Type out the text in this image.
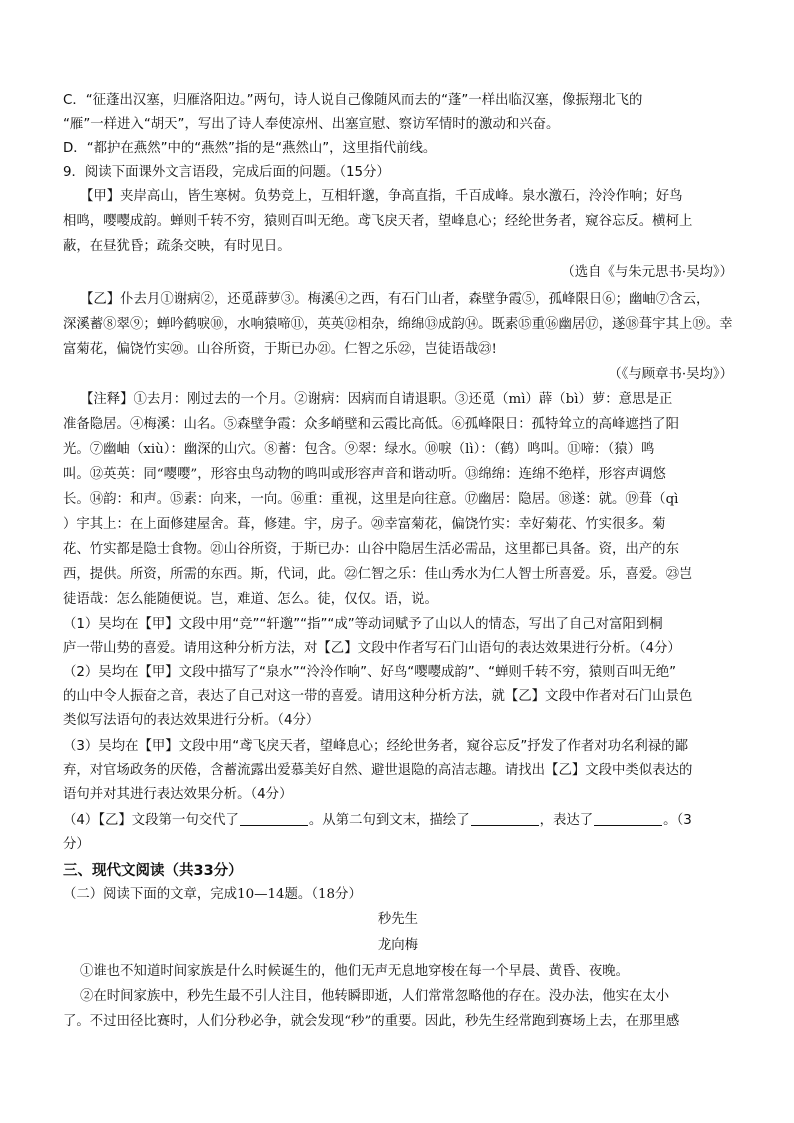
C．“征蓬出汉塞，归雁洛阳边。”两句，诗人说自己像随风而去的“蓬”一样出临汉塞，像振翔北飞的
“雁”一样进入“胡天”，写出了诗人奉使凉州、出塞宣慰、察访军情时的激动和兴奋。
D．“都护在燕然”中的“燕然”指的是“燕然山”，这里指代前线。
9．阅读下面课外文言语段，完成后面的问题。（15分）
【甲】夹岸高山，皆生寒树。负势竞上，互相轩邈，争高直指，千百成峰。泉水激石，泠泠作响；好鸟
相鸣，嘤嘤成韵。蝉则千转不穷，猿则百叫无绝。鸢飞戾天者，望峰息心；经纶世务者，窥谷忘反。横柯上
蔽，在昼犹昏；疏条交映，有时见日。
（选自《与朱元思书·吴均》）
【乙】仆去月①谢病②，还觅薜萝③。梅溪④之西，有石门山者，森壁争霞⑤，孤峰限日⑥；幽岫⑦含云，
深溪蓄⑧翠⑨；蝉吟鹤唳⑩，水响猿啼⑪，英英⑫相杂，绵绵⑬成韵⑭。既素⑮重⑯幽居⑰，遂⑱葺宇其上⑲。幸
富菊花，偏饶竹实⑳。山谷所资，于斯已办㉑。仁智之乐㉒，岂徒语哉㉓!
（《与顾章书·吴均》）
【注释】①去月：刚过去的一个月。②谢病：因病而自请退职。③还觅（mì）薜（bì）萝：意思是正
准备隐居。④梅溪：山名。⑤森壁争霞：众多峭壁和云霞比高低。⑥孤峰限日：孤特耸立的高峰遮挡了阳
光。⑦幽岫（xiù）：幽深的山穴。⑧蓄：包含。⑨翠：绿水。⑩唳（lì）：（鹤）鸣叫。⑪啼：（猿）鸣
叫。⑫英英：同“嘤嘤”，形容虫鸟动物的鸣叫或形容声音和谐动听。⑬绵绵：连绵不绝样，形容声调悠
长。⑭韵：和声。⑮素：向来，一向。⑯重：重视，这里是向往意。⑰幽居：隐居。⑱遂：就。⑲葺（qì
）宇其上：在上面修建屋舍。葺，修建。宇，房子。⑳幸富菊花，偏饶竹实：幸好菊花、竹实很多。菊
花、竹实都是隐士食物。㉑山谷所资，于斯已办：山谷中隐居生活必需品，这里都已具备。资，出产的东
西，提供。所资，所需的东西。斯，代词，此。㉒仁智之乐：佳山秀水为仁人智士所喜爱。乐，喜爱。㉓岂
徒语哉：怎么能随便说。岂，难道、怎么。徒，仅仅。语，说。
（1）吴均在【甲】文段中用“竞”“轩邈”“指”“成”等动词赋予了山以人的情态，写出了自己对富阳到桐
庐一带山势的喜爱。请用这种分析方法，对【乙】文段中作者写石门山语句的表达效果进行分析。（4分）
（2）吴均在【甲】文段中描写了“泉水”“泠泠作响”、好鸟“嘤嘤成韵”、“蝉则千转不穷，猿则百叫无绝”
的山中令人振奋之音，表达了自己对这一带的喜爱。请用这种分析方法，就【乙】文段中作者对石门山景色
类似写法语句的表达效果进行分析。（4分）
（3）吴均在【甲】文段中用“鸢飞戾天者，望峰息心；经纶世务者，窥谷忘反”抒发了作者对功名利禄的鄙
弃，对官场政务的厌倦，含蓄流露出爱慕美好自然、避世退隐的高洁志趣。请找出【乙】文段中类似表达的
语句并对其进行表达效果分析。（4分）
（4）【乙】文段第一句交代了	。从第二句到文末，描绘了	，表达了	。（3
分）
三、现代文阅读（共33分）
（二）阅读下面的文章，完成10—14题。（18分）
秒先生
龙向梅
①谁也不知道时间家族是什么时候诞生的，他们无声无息地穿梭在每一个早晨、黄昏、夜晚。
②在时间家族中，秒先生最不引人注目，他转瞬即逝，人们常常忽略他的存在。没办法，他实在太小
了。不过田径比赛时，人们分秒必争，就会发现“秒”的重要。因此，秒先生经常跑到赛场上去，在那里感
